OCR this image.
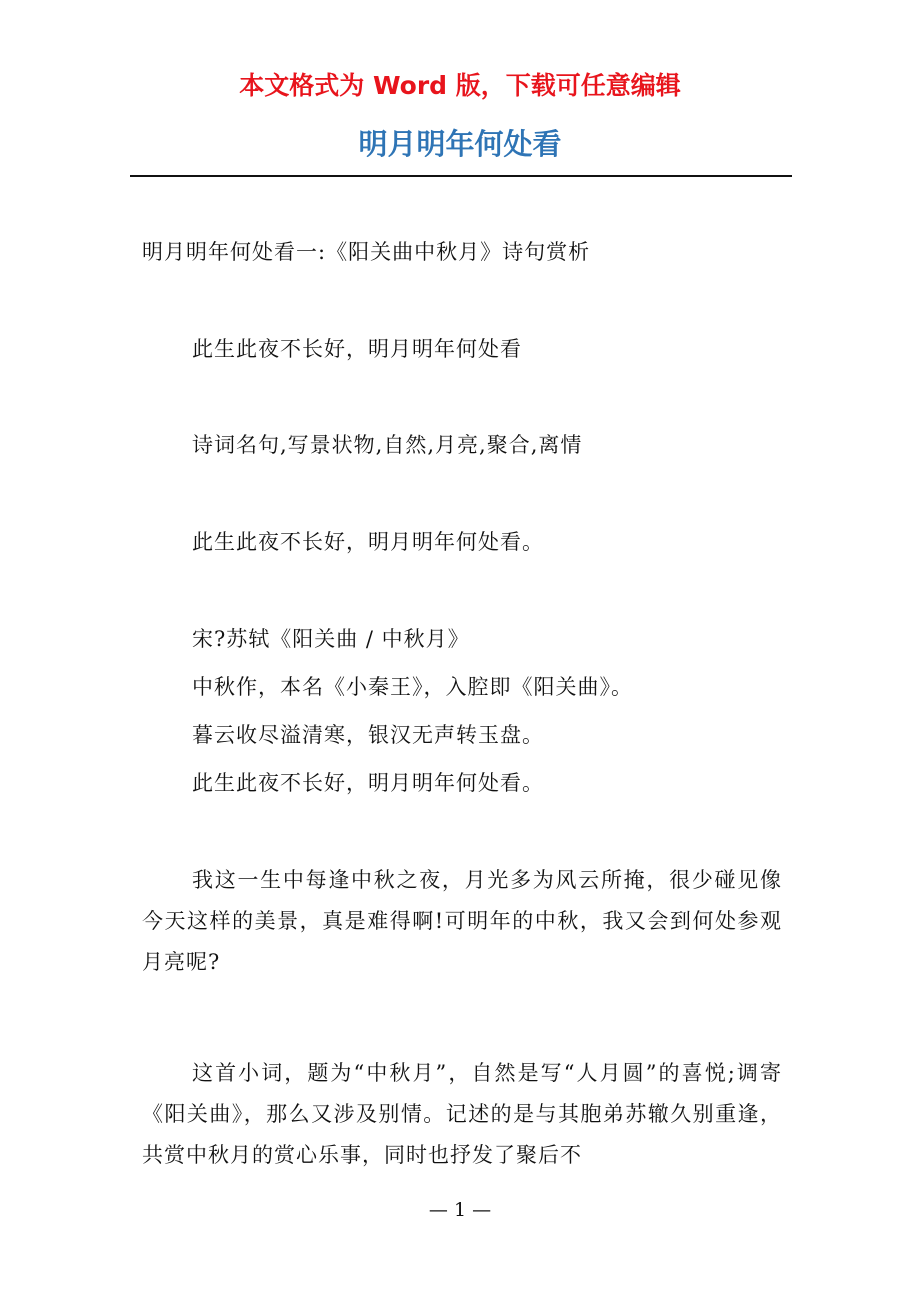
本文格式为 Word 版，下载可任意编辑
明月明年何处看
明月明年何处看一:《阳关曲中秋月》诗句赏析
此生此夜不长好，明月明年何处看
诗词名句,写景状物,自然,月亮,聚合,离情
此生此夜不长好，明月明年何处看。
宋?苏轼《阳关曲 / 中秋月》
中秋作，本名《小秦王》，入腔即《阳关曲》。
暮云收尽溢清寒，银汉无声转玉盘。
此生此夜不长好，明月明年何处看。
我这一生中每逢中秋之夜，月光多为风云所掩，很少碰见像今天这样的美景，真是难得啊!可明年的中秋，我又会到何处参观月亮呢?
这首小词，题为“中秋月”，自然是写“人月圆”的喜悦;调寄《阳关曲》，那么又涉及别情。记述的是与其胞弟苏辙久别重逢，共赏中秋月的赏心乐事，同时也抒发了聚后不
— 1 —
